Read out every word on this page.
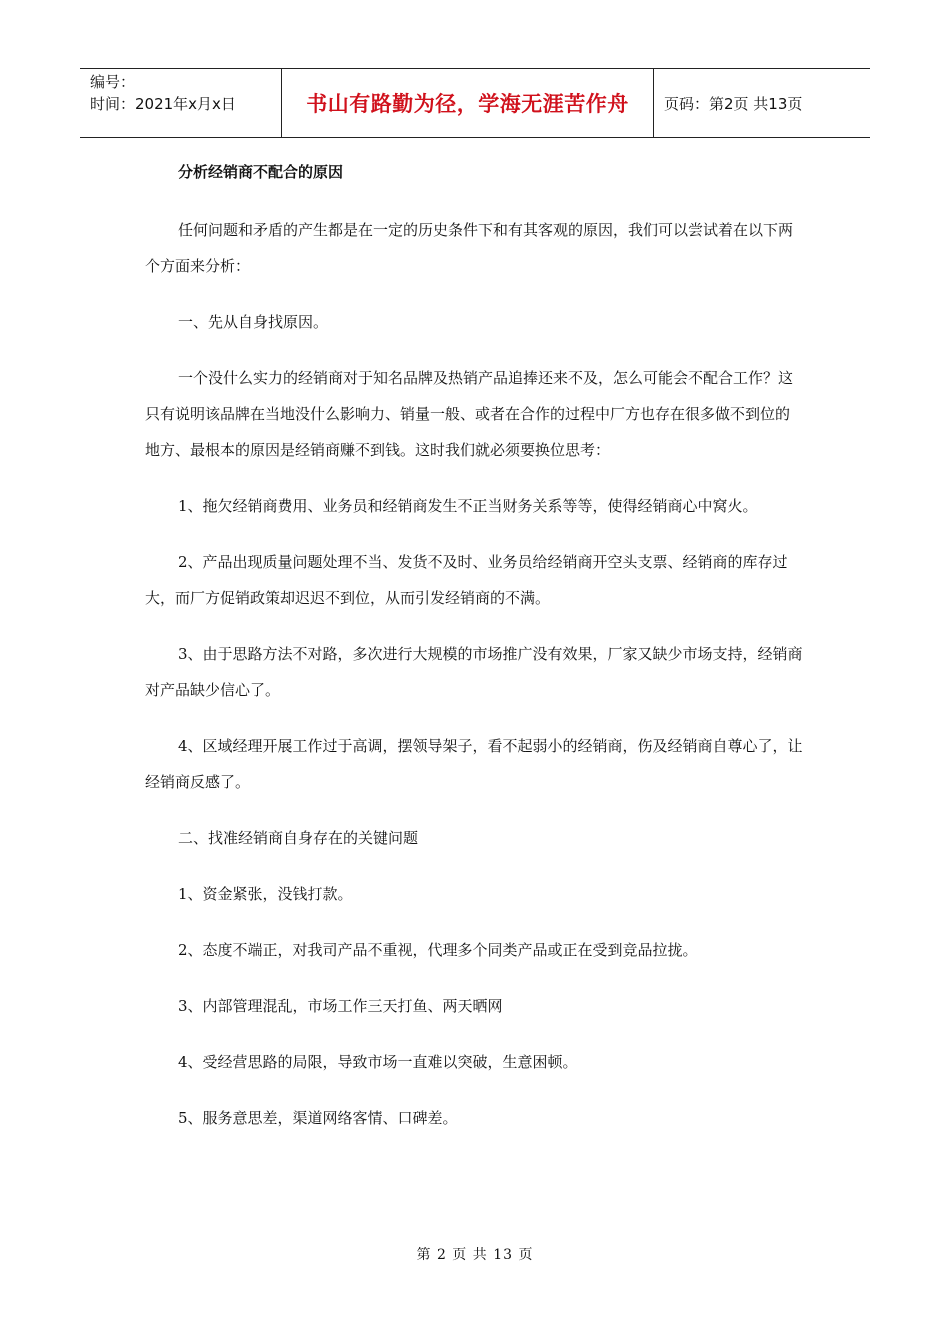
编号：
时间：2021年x月x日	书山有路勤为径，学海无涯苦作舟	页码：第2页 共13页

分析经销商不配合的原因

任何问题和矛盾的产生都是在一定的历史条件下和有其客观的原因，我们可以尝试着在以下两个方面来分析：

一、先从自身找原因。

一个没什么实力的经销商对于知名品牌及热销产品追捧还来不及，怎么可能会不配合工作？这只有说明该品牌在当地没什么影响力、销量一般、或者在合作的过程中厂方也存在很多做不到位的地方、最根本的原因是经销商赚不到钱。这时我们就必须要换位思考：

1、拖欠经销商费用、业务员和经销商发生不正当财务关系等等，使得经销商心中窝火。

2、产品出现质量问题处理不当、发货不及时、业务员给经销商开空头支票、经销商的库存过大，而厂方促销政策却迟迟不到位，从而引发经销商的不满。

3、由于思路方法不对路，多次进行大规模的市场推广没有效果，厂家又缺少市场支持，经销商对产品缺少信心了。

4、区域经理开展工作过于高调，摆领导架子，看不起弱小的经销商，伤及经销商自尊心了，让经销商反感了。

二、找准经销商自身存在的关键问题

1、资金紧张，没钱打款。

2、态度不端正，对我司产品不重视，代理多个同类产品或正在受到竞品拉拢。

3、内部管理混乱，市场工作三天打鱼、两天晒网

4、受经营思路的局限，导致市场一直难以突破，生意困顿。

5、服务意思差，渠道网络客情、口碑差。

第 2 页 共 13 页
